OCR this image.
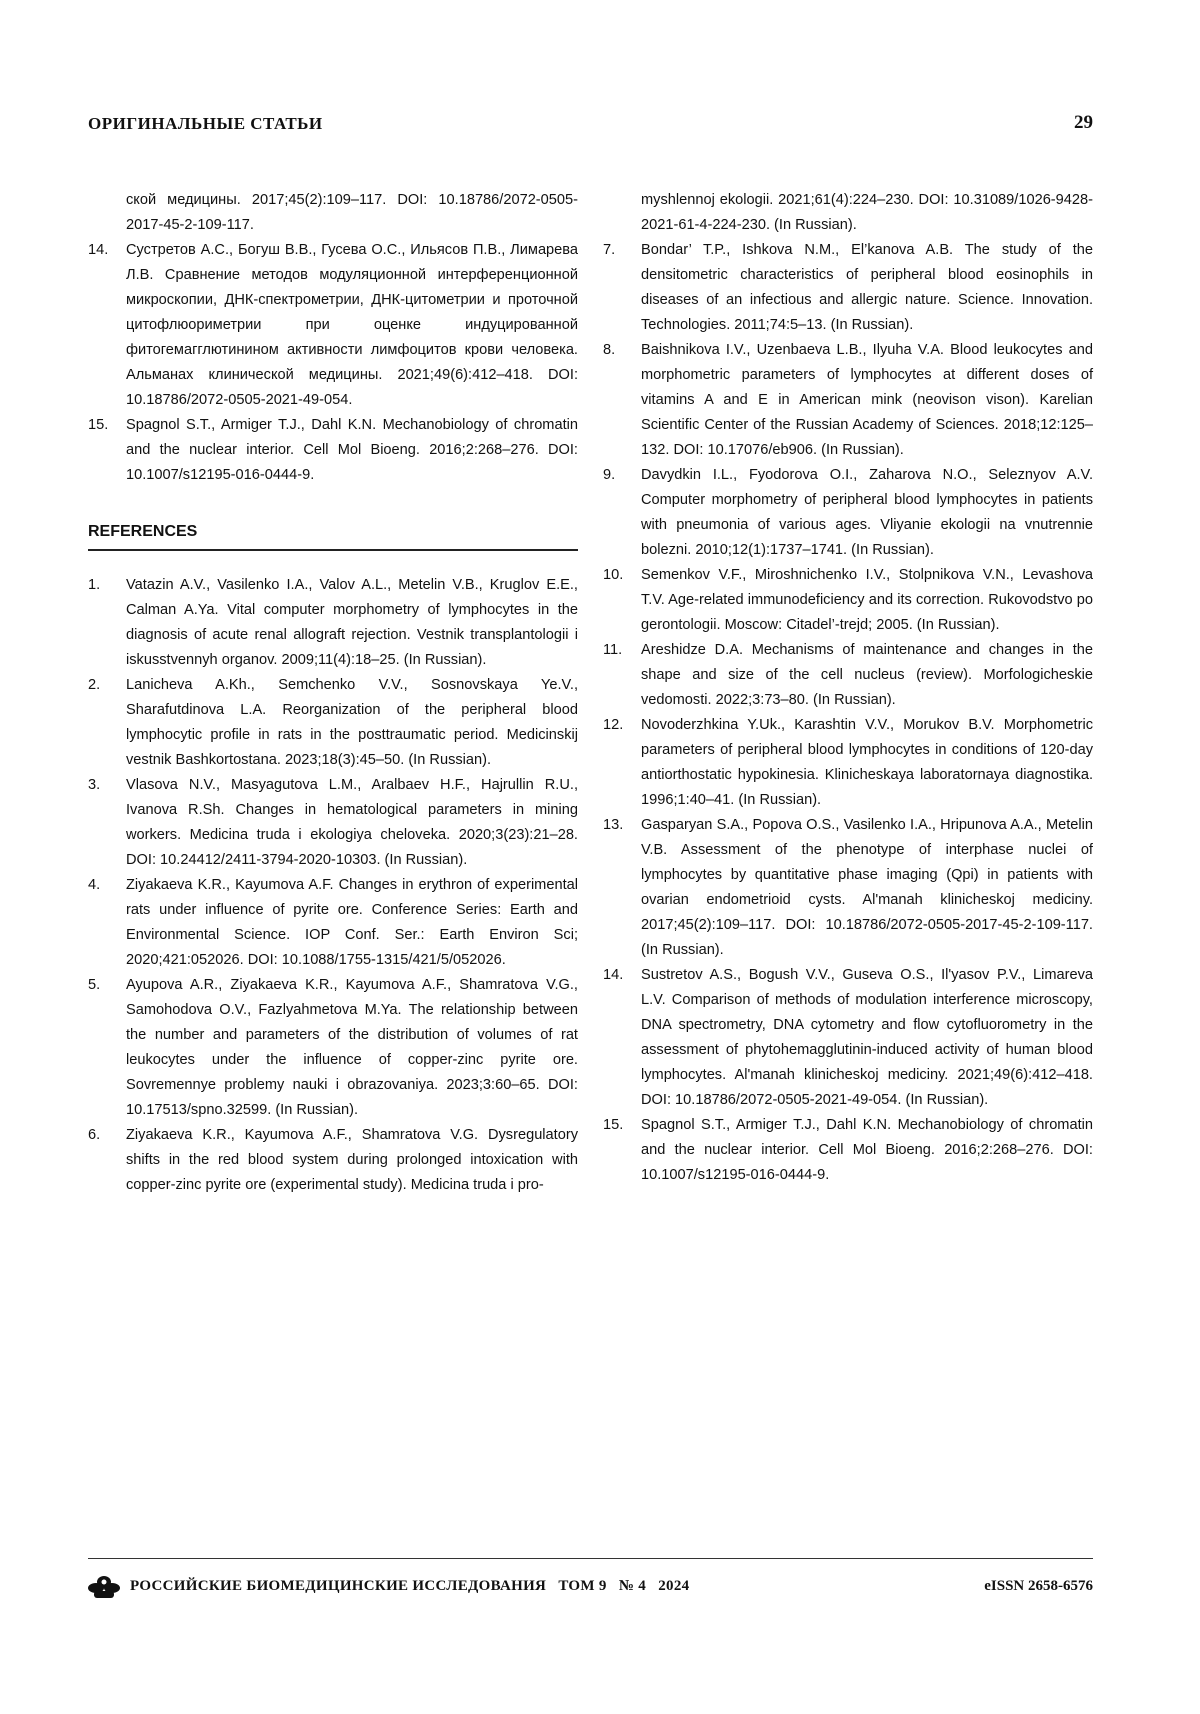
ОРИГИНАЛЬНЫЕ СТАТЬИ	29

ской медицины. 2017;45(2):109–117. DOI: 10.18786/2072-0505-2017-45-2-109-117.

14. Сустретов А.С., Богуш В.В., Гусева О.С., Ильясов П.В., Лимарева Л.В. Сравнение методов модуляционной интерференционной микроскопии, ДНК-спектрометрии, ДНК-цитометрии и проточной цитофлюориметрии при оценке индуцированной фитогемагглютинином активности лимфоцитов крови человека. Альманах клинической медицины. 2021;49(6):412–418. DOI: 10.18786/2072-0505-2021-49-054.

15. Spagnol S.T., Armiger T.J., Dahl K.N. Mechanobiology of chromatin and the nuclear interior. Cell Mol Bioeng. 2016;2:268–276. DOI: 10.1007/s12195-016-0444-9.

REFERENCES

1. Vatazin A.V., Vasilenko I.A., Valov A.L., Metelin V.B., Kruglov E.E., Calman A.Ya. Vital computer morphometry of lymphocytes in the diagnosis of acute renal allograft rejection. Vestnik transplantologii i iskusstvennyh organov. 2009;11(4):18–25. (In Russian).

2. Lanicheva A.Kh., Semchenko V.V., Sosnovskaya Ye.V., Sharafutdinova L.A. Reorganization of the peripheral blood lymphocytic profile in rats in the posttraumatic period. Medicinskij vestnik Bashkortostana. 2023;18(3):45–50. (In Russian).

3. Vlasova N.V., Masyagutova L.M., Aralbaev H.F., Hajrullin R.U., Ivanova R.Sh. Changes in hematological parameters in mining workers. Medicina truda i ekologiya cheloveka. 2020;3(23):21–28. DOI: 10.24412/2411-3794-2020-10303. (In Russian).

4. Ziyakaeva K.R., Kayumova A.F. Changes in erythron of experimental rats under influence of pyrite ore. Conference Series: Earth and Environmental Science. IOP Conf. Ser.: Earth Environ Sci; 2020;421:052026. DOI: 10.1088/1755-1315/421/5/052026.

5. Ayupova A.R., Ziyakaeva K.R., Kayumova A.F., Shamratova V.G., Samohodova O.V., Fazlyahmetova M.Ya. The relationship between the number and parameters of the distribution of volumes of rat leukocytes under the influence of copper-zinc pyrite ore. Sovremennye problemy nauki i obrazovaniya. 2023;3:60–65. DOI: 10.17513/spno.32599. (In Russian).

6. Ziyakaeva K.R., Kayumova A.F., Shamratova V.G. Dysregulatory shifts in the red blood system during prolonged intoxication with copper-zinc pyrite ore (experimental study). Medicina truda i pro-

myshlennoj ekologii. 2021;61(4):224–230. DOI: 10.31089/1026-9428-2021-61-4-224-230. (In Russian).

7. Bondar’ T.P., Ishkova N.M., El’kanova A.B. The study of the densitometric characteristics of peripheral blood eosinophils in diseases of an infectious and allergic nature. Science. Innovation. Technologies. 2011;74:5–13. (In Russian).

8. Baishnikova I.V., Uzenbaeva L.B., Ilyuha V.A. Blood leukocytes and morphometric parameters of lymphocytes at different doses of vitamins A and E in American mink (neovison vison). Karelian Scientific Center of the Russian Academy of Sciences. 2018;12:125–132. DOI: 10.17076/eb906. (In Russian).

9. Davydkin I.L., Fyodorova O.I., Zaharova N.O., Seleznyov A.V. Computer morphometry of peripheral blood lymphocytes in patients with pneumonia of various ages. Vliyanie ekologii na vnutrennie bolezni. 2010;12(1):1737–1741. (In Russian).

10. Semenkov V.F., Miroshnichenko I.V., Stolpnikova V.N., Levashova T.V. Age-related immunodeficiency and its correction. Rukovodstvo po gerontologii. Moscow: Citadel’-trejd; 2005. (In Russian).

11. Areshidze D.A. Mechanisms of maintenance and changes in the shape and size of the cell nucleus (review). Morfologicheskie vedomosti. 2022;3:73–80. (In Russian).

12. Novoderzhkina Y.Uk., Karashtin V.V., Morukov B.V. Morphometric parameters of peripheral blood lymphocytes in conditions of 120-day antiorthostatic hypokinesia. Klinicheskaya laboratornaya diagnostika. 1996;1:40–41. (In Russian).

13. Gasparyan S.A., Popova O.S., Vasilenko I.A., Hripunova A.A., Metelin V.B. Assessment of the phenotype of interphase nuclei of lymphocytes by quantitative phase imaging (Qpi) in patients with ovarian endometrioid cysts. Al'manah klinicheskoj mediciny. 2017;45(2):109–117. DOI: 10.18786/2072-0505-2017-45-2-109-117. (In Russian).

14. Sustretov A.S., Bogush V.V., Guseva O.S., Il'yasov P.V., Limareva L.V. Comparison of methods of modulation interference microscopy, DNA spectrometry, DNA cytometry and flow cytofluorometry in the assessment of phytohemagglutinin-induced activity of human blood lymphocytes. Al'manah klinicheskoj mediciny. 2021;49(6):412–418. DOI: 10.18786/2072-0505-2021-49-054. (In Russian).

15. Spagnol S.T., Armiger T.J., Dahl K.N. Mechanobiology of chromatin and the nuclear interior. Cell Mol Bioeng. 2016;2:268–276. DOI: 10.1007/s12195-016-0444-9.

РОССИЙСКИЕ БИОМЕДИЦИНСКИЕ ИССЛЕДОВАНИЯ   ТОМ 9   № 4   2024	eISSN 2658-6576
